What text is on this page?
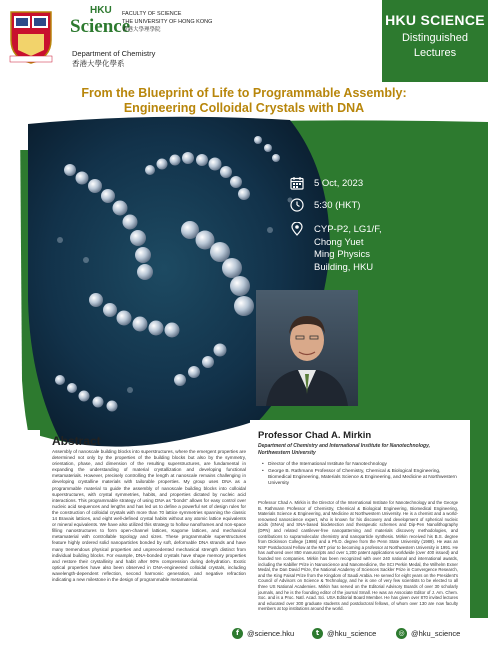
HKU
Science
FACULTY OF SCIENCE
THE UNIVERSITY OF HONG KONG
香港大學理學院
Department of Chemistry
香港大學化學系
HKU SCIENCE
Distinguished
Lectures
From the Blueprint of Life to Programmable Assembly:
Engineering Colloidal Crystals with DNA
5 Oct, 2023
5:30 (HKT)
CYP-P2, LG1/F,
Chong Yuet
Ming Physics
Building, HKU
Abstract
Assembly of nanoscale building blocks into superstructures, where the emergent properties are determined not only by the properties of the building blocks but also by the symmetry, orientation, phase, and dimension of the resulting superstructures, are fundamental in expanding the understanding of material crystallization and developing functional metamaterials. However, precisely controlling the length at nanoscale remains challenging in developing crystalline materials with tailorable properties. My group uses DNA as a programmable material to guide the assembly of nanoscale building blocks into colloidal superstructures, with crystal symmetries, habits, and properties dictated by nucleic acid interactions. This programmable strategy of using DNA as "bonds" allows for easy control over nucleic acid sequences and lengths and has led us to define a powerful set of design rules for the construction of colloidal crystals with more than 70 lattice symmetries spanning the classic 14 Bravais lattices, and eight well-defined crystal habits without any atomic lattice equivalents or mineral equivalents. We have also utilized this strategy to hollow nanoframes and non-space filling nanostructures to form open-channel lattices, Kagome lattices, and mechanical metamaterial with controllable topology and sizes. These programmable superstructures feature highly ordered solid nanoparticles bonded by soft, deformable DNA strands and have many tremendous physical properties and unprecedented mechanical strength distinct from individual building blocks. For example, DNA-bonded crystals have shape memory properties and restore their crystallinity and habit after 90% compression during dehydration. Exotic optical properties have also been observed in DNA-engineered colloidal crystals, including wavelength-dependent reflection, second harmonic generation, and negative refraction indicating a new milestone in the design of programmable metamaterial.
Professor Chad A. Mirkin
Department of Chemistry and International Institute for Nanotechnology, Northwestern University
• Director of the International Institute for Nanotechnology
• George B. Rathmann Professor of Chemistry, Chemical & Biological Engineering, Biomedical Engineering, Materials Science & Engineering, and Medicine at Northwestern University
Professor Chad A. Mirkin is the Director of the International Institute for Nanotechnology and the George B. Rathmann Professor of Chemistry, Chemical & Biological Engineering, Biomedical Engineering, Materials Science & Engineering, and Medicine at Northwestern University. He is a chemist and a world-renowned nanoscience expert, who is known for his discovery and development of spherical nucleic acids (SNAs) and SNA-based biodetection and therapeutic schemes and Dip-Pen Nanolithography (DPN) and related cantilever-free nanopatterning and materials discovery methodologies, and contributions to supramolecular chemistry and nanoparticle synthesis. Mirkin received his B.S. degree from Dickinson College (1986) and a Ph.D. degree from the Penn State University (1989). He was an NSF Postdoctoral Fellow at the MIT prior to becoming a professor at Northwestern University in 1991. He has authored over 850 manuscripts and over 1,200 patent applications worldwide (over 400 issued) and founded ten companies. Mirkin has been recognized with over 240 national and international awards, including the Kabiller Prize in Nanoscience and Nanomedicine, the SCI Perkin Medal, the Wilhelm Exner Medal, the Dan David Prize, the National Academy of Sciences Sackler Prize in Convergence Research, and the King Faisal Prize from the Kingdom of Saudi Arabia. He served for eight years on the President's Council of Advisors on Science & Technology, and he is one of very few scientists to be elected to all three US National Academies. Mirkin has served on the Editorial Advisory Boards of over 30 scholarly journals, and he is the founding editor of the journal Small. He was an Associate Editor of J. Am. Chem. Soc. and is a Proc. Natl. Acad. Sci. USA Editorial Board Member. He has given over 870 invited lectures and educated over 300 graduate students and postdoctoral fellows, of whom over 130 are now faculty members at top institutions around the world.
f	@science.hku	t	@hku_science	◎ @hku_science
